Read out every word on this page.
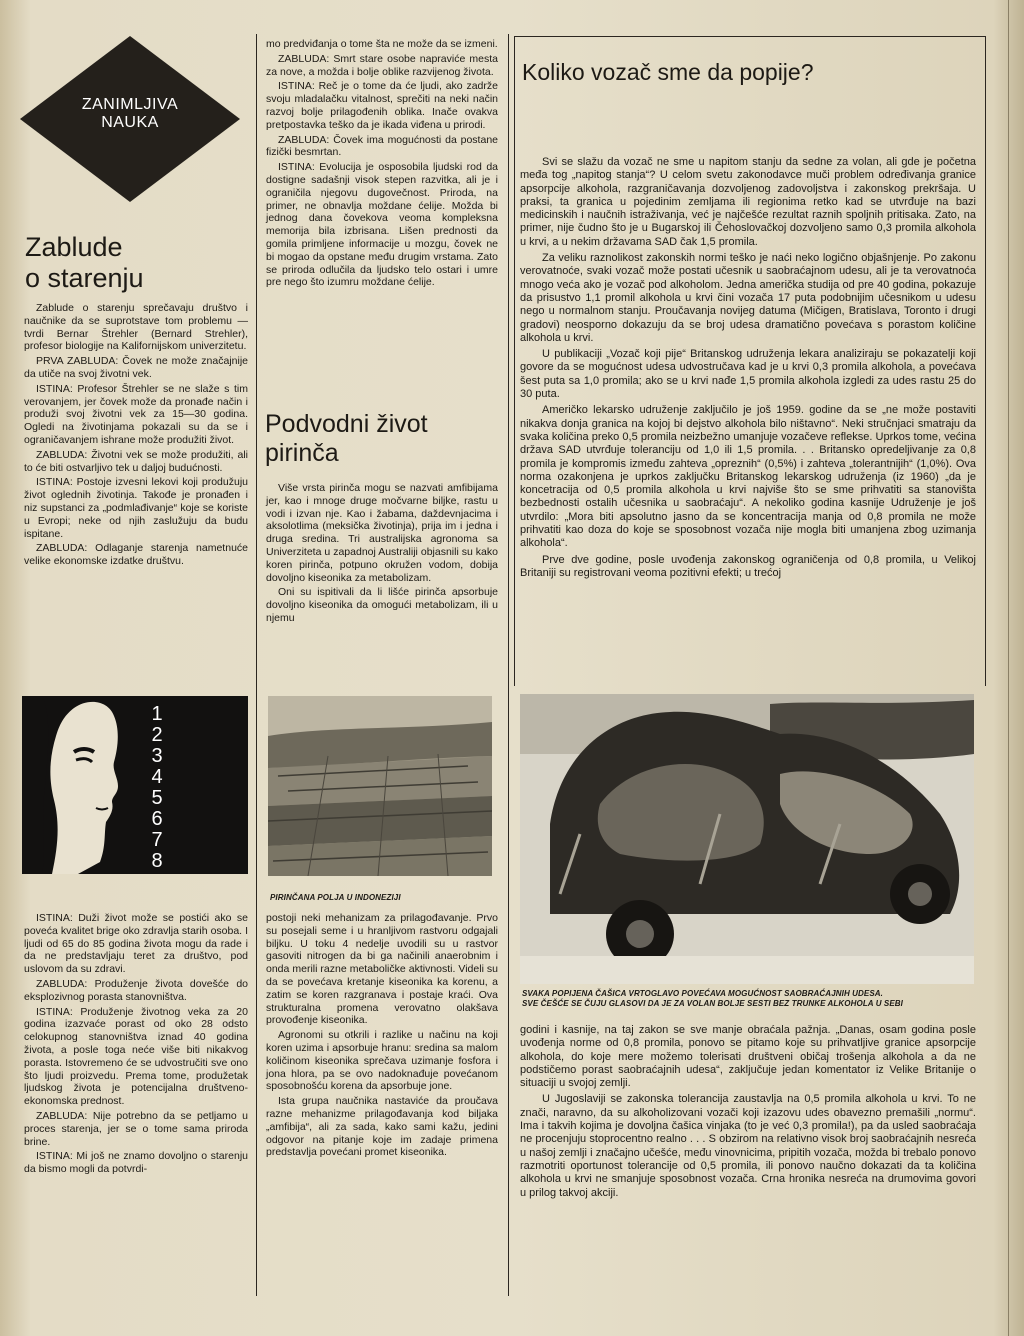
ZANIMLJIVA
NAUKA
Zablude
o starenju

Zablude o starenju sprečavaju društvo i naučnike da se suprotstave tom problemu — tvrdi Bernar Štrehler (Bernard Strehler), profesor biologije na Kalifornijskom univerzitetu.

PRVA ZABLUDA: Čovek ne može značajnije da utiče na svoj životni vek.

ISTINA: Profesor Štrehler se ne slaže s tim verovanjem, jer čovek može da pronađe način i produži svoj životni vek za 15—30 godina. Ogledi na životinjama pokazali su da se i ograničavanjem ishrane može produžiti život.

ZABLUDA: Životni vek se može produžiti, ali to će biti ostvarljivo tek u daljoj budućnosti.

ISTINA: Postoje izvesni lekovi koji produžuju život oglednih životinja. Takođe je pronađen i niz supstanci za „podmlađivanje“ koje se koriste u Evropi; neke od njih zaslužuju da budu ispitane.

ZABLUDA: Odlaganje starenja nametnuće velike ekonomske izdatke društvu.

1
2
3
4
5
6
7
8

ISTINA: Duži život može se postići ako se poveća kvalitet brige oko zdravlja starih osoba. I ljudi od 65 do 85 godina života mogu da rade i da ne predstavljaju teret za društvo, pod uslovom da su zdravi.

ZABLUDA: Produženje života dovešće do eksplozivnog porasta stanovništva.

ISTINA: Produženje životnog veka za 20 godina izazvaće porast od oko 28 odsto celokupnog stanovništva iznad 40 godina života, a posle toga neće više biti nikakvog porasta. Istovremeno će se udvostručiti sve ono što ljudi proizvedu. Prema tome, produžetak ljudskog života je potencijalna društveno-ekonomska prednost.

ZABLUDA: Nije potrebno da se petljamo u proces starenja, jer se o tome sama priroda brine.

ISTINA: Mi još ne znamo dovoljno o starenju da bismo mogli da potvrdi-

mo predviđanja o tome šta ne može da se izmeni.

ZABLUDA: Smrt stare osobe napraviće mesta za nove, a možda i bolje oblike razvijenog života.

ISTINA: Reč je o tome da će ljudi, ako zadrže svoju mladalačku vitalnost, sprečiti na neki način razvoj bolje prilagođenih oblika. Inače ovakva pretpostavka teško da je ikada viđena u prirodi.

ZABLUDA: Čovek ima mogućnosti da postane fizički besmrtan.

ISTINA: Evolucija je osposobila ljudski rod da dostigne sadašnji visok stepen razvitka, ali je i ograničila njegovu dugovečnost. Priroda, na primer, ne obnavlja moždane ćelije. Možda bi jednog dana čovekova veoma kompleksna memorija bila izbrisana. Lišen prednosti da gomila primljene informacije u mozgu, čovek ne bi mogao da opstane među drugim vrstama. Zato se priroda odlučila da ljudsko telo ostari i umre pre nego što izumru moždane ćelije.

Podvodni život
pirinča

Više vrsta pirinča mogu se nazvati amfibijama jer, kao i mnoge druge močvarne biljke, rastu u vodi i izvan nje. Kao i žabama, daždevnjacima i aksolotlima (meksička životinja), prija im i jedna i druga sredina. Tri australijska agronoma sa Univerziteta u zapadnoj Australiji objasnili su kako koren pirinča, potpuno okružen vodom, dobija dovoljno kiseonika za metabolizam.

Oni su ispitivali da li lišće pirinča apsorbuje dovoljno kiseonika da omogući metabolizam, ili u njemu

PIRINČANA POLJA U INDONEZIJI

postoji neki mehanizam za prilagođavanje. Prvo su posejali seme i u hranljivom rastvoru odgajali biljku. U toku 4 nedelje uvodili su u rastvor gasoviti nitrogen da bi ga načinili anaerobnim i onda merili razne metaboličke aktivnosti. Videli su da se povećava kretanje kiseonika ka korenu, a zatim se koren razgranava i postaje kraći. Ova strukturalna promena verovatno olakšava provođenje kiseonika.

Agronomi su otkrili i razlike u načinu na koji koren uzima i apsorbuje hranu: sredina sa malom količinom kiseonika sprečava uzimanje fosfora i jona hlora, pa se ovo nadoknađuje povećanom sposobnošću korena da apsorbuje jone.

Ista grupa naučnika nastaviće da proučava razne mehanizme prilagođavanja kod biljaka „amfibija“, ali za sada, kako sami kažu, jedini odgovor na pitanje koje im zadaje primena predstavlja povećani promet kiseonika.

Koliko vozač sme da popije?

Svi se slažu da vozač ne sme u napitom stanju da sedne za volan, ali gde je početna međa tog „napitog stanja“? U celom svetu zakonodavce muči problem određivanja granice apsorpcije alkohola, razgraničavanja dozvoljenog zadovoljstva i zakonskog prekršaja. U praksi, ta granica u pojedinim zemljama ili regionima retko kad se utvrđuje na bazi medicinskih i naučnih istraživanja, već je najčešće rezultat raznih spoljnih pritisaka. Zato, na primer, nije čudno što je u Bugarskoj ili Čehoslovačkoj dozvoljeno samo 0,3 promila alkohola u krvi, a u nekim državama SAD čak 1,5 promila.

Za veliku raznolikost zakonskih normi teško je naći neko logično objašnjenje. Po zakonu verovatnoće, svaki vozač može postati učesnik u saobraćajnom udesu, ali je ta verovatnoća mnogo veća ako je vozač pod alkoholom. Jedna američka studija od pre 40 godina, pokazuje da prisustvo 1,1 promil alkohola u krvi čini vozača 17 puta podobnijim učesnikom u udesu nego u normalnom stanju. Proučavanja novijeg datuma (Mičigen, Bratislava, Toronto i drugi gradovi) neosporno dokazuju da se broj udesa dramatično povećava s porastom količine alkohola u krvi.

U publikaciji „Vozač koji pije“ Britanskog udruženja lekara analiziraju se pokazatelji koji govore da se mogućnost udesa udvostručava kad je u krvi 0,3 promila alkohola, a povećava šest puta sa 1,0 promila; ako se u krvi nađe 1,5 promila alkohola izgledi za udes rastu 25 do 30 puta.

Američko lekarsko udruženje zaključilo je još 1959. godine da se „ne može postaviti nikakva donja granica na kojoj bi dejstvo alkohola bilo ništavno“. Neki stručnjaci smatraju da svaka količina preko 0,5 promila neizbežno umanjuje vozačeve reflekse. Uprkos tome, većina država SAD utvrđuje toleranciju od 1,0 ili 1,5 promila. . . Britansko opredeljivanje za 0,8 promila je kompromis između zahteva „opreznih“ (0,5%) i zahteva „tolerantnijih“ (1,0%). Ova norma ozakonjena je uprkos zaključku Britanskog lekarskog udruženja (iz 1960) „da je koncetracija od 0,5 promila alkohola u krvi najviše što se sme prihvatiti sa stanovišta bezbednosti ostalih učesnika u saobraćaju“. A nekoliko godina kasnije Udruženje je još utvrdilo: „Mora biti apsolutno jasno da se koncentracija manja od 0,8 promila ne može prihvatiti kao doza do koje se sposobnost vozača nije mogla biti umanjena zbog uzimanja alkohola“.

Prve dve godine, posle uvođenja zakonskog ograničenja od 0,8 promila, u Velikoj Britaniji su registrovani veoma pozitivni efekti; u trećoj

SVAKA POPIJENA ČAŠICA VRTOGLAVO POVEĆAVA MOGUĆNOST SAOBRAĆAJNIH UDESA.
SVE ČEŠĆE SE ČUJU GLASOVI DA JE ZA VOLAN BOLJE SESTI BEZ TRUNKE ALKOHOLA U SEBI

godini i kasnije, na taj zakon se sve manje obraćala pažnja. „Danas, osam godina posle uvođenja norme od 0,8 promila, ponovo se pitamo koje su prihvatljive granice apsorpcije alkohola, do koje mere možemo tolerisati društveni običaj trošenja alkohola a da ne podstičemo porast saobraćajnih udesa“, zaključuje jedan komentator iz Velike Britanije o situaciji u svojoj zemlji.

U Jugoslaviji se zakonska tolerancija zaustavlja na 0,5 promila alkohola u krvi. To ne znači, naravno, da su alkoholizovani vozači koji izazovu udes obavezno premašili „normu“. Ima i takvih kojima je dovoljna čašica vinjaka (to je već 0,3 promila!), pa da usled saobraćaja ne procenjuju stoprocentno realno . . . S obzirom na relativno visok broj saobraćajnih nesreća u našoj zemlji i značajno učešće, među vinovnicima, pripitih vozača, možda bi trebalo ponovo razmotriti oportunost tolerancije od 0,5 promila, ili ponovo naučno dokazati da ta količina alkohola u krvi ne smanjuje sposobnost vozača. Crna hronika nesreća na drumovima govori u prilog takvoj akciji.
